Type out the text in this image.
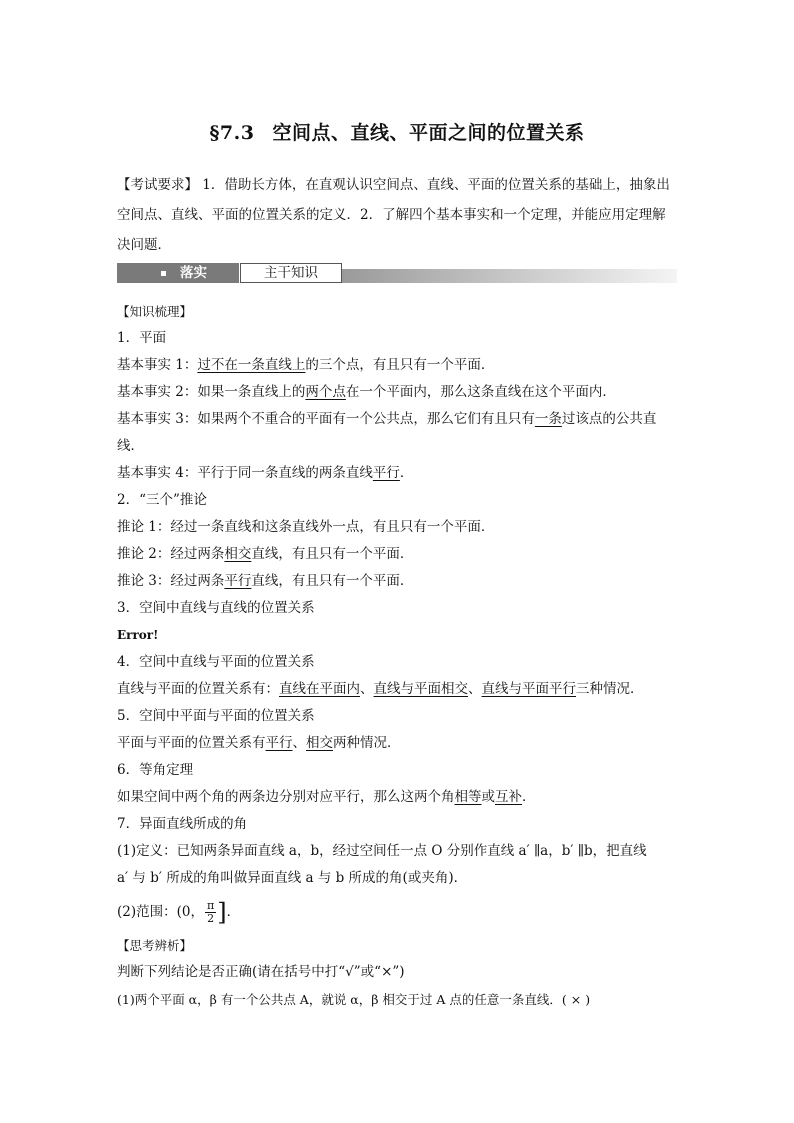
§7.3 空间点、直线、平面之间的位置关系
【考试要求】 1．借助长方体，在直观认识空间点、直线、平面的位置关系的基础上，抽象出空间点、直线、平面的位置关系的定义．2．了解四个基本事实和一个定理，并能应用定理解决问题．
落实	主干知识
【知识梳理】
1．平面
基本事实 1：过不在一条直线上的三个点，有且只有一个平面．
基本事实 2：如果一条直线上的两个点在一个平面内，那么这条直线在这个平面内．
基本事实 3：如果两个不重合的平面有一个公共点，那么它们有且只有一条过该点的公共直
线．
基本事实 4：平行于同一条直线的两条直线平行．
2．“三个”推论
推论 1：经过一条直线和这条直线外一点，有且只有一个平面．
推论 2：经过两条相交直线，有且只有一个平面．
推论 3：经过两条平行直线，有且只有一个平面．
3．空间中直线与直线的位置关系
Error!
4．空间中直线与平面的位置关系
直线与平面的位置关系有：直线在平面内、直线与平面相交、直线与平面平行三种情况．
5．空间中平面与平面的位置关系
平面与平面的位置关系有平行、相交两种情况．
6．等角定理
如果空间中两个角的两条边分别对应平行，那么这两个角相等或互补．
7．异面直线所成的角
(1)定义：已知两条异面直线 a，b，经过空间任一点 O 分别作直线 a′ ∥a，b′ ∥b，把直线
a′ 与 b′ 所成的角叫做异面直线 a 与 b 所成的角(或夹角)．
(2)范围：(0， $\frac{\pi}{2}$ ]．
【思考辨析】
判断下列结论是否正确(请在括号中打“√”或“×”)
(1)两个平面 α，β 有一个公共点 A，就说 α，β 相交于过 A 点的任意一条直线．( × )
